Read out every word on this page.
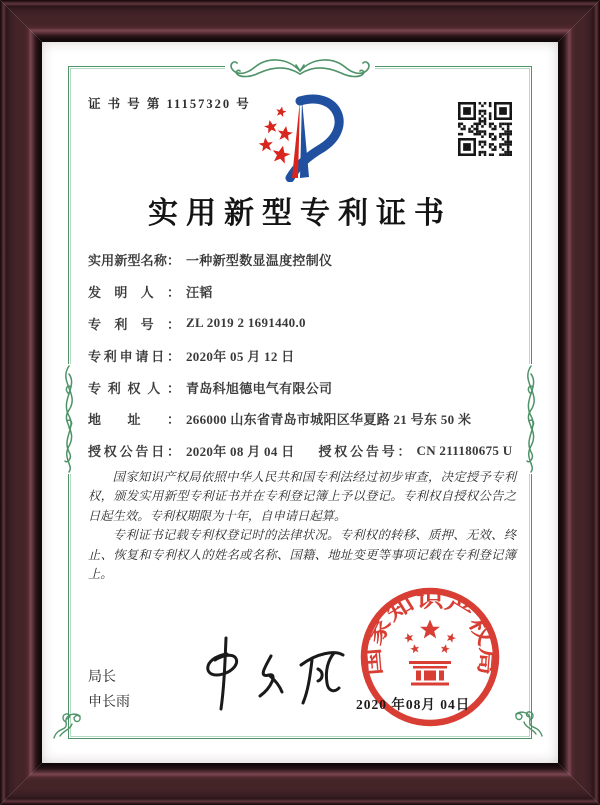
证 书 号 第 11157320 号
实用新型专利证书
实用新型名称： 一种新型数显温度控制仪
发明人： 汪韬
专利号： ZL 2019 2 1691440.0
专利申请日： 2020年 05 月 12 日
专利权人： 青岛科旭德电气有限公司
地址： 266000 山东省青岛市城阳区华夏路 21 号东 50 米
授权公告日： 2020年 08 月 04 日 授权公告号： CN 211180675 U

国家知识产权局依照中华人民共和国专利法经过初步审查，决定授予专利权，颁发实用新型专利证书并在专利登记簿上予以登记。专利权自授权公告之日起生效。专利权期限为十年，自申请日起算。

专利证书记载专利权登记时的法律状况。专利权的转移、质押、无效、终止、恢复和专利权人的姓名或名称、国籍、地址变更等事项记载在专利登记簿上。

局长
申长雨
国家知识产权局
2020 年08月 04日
